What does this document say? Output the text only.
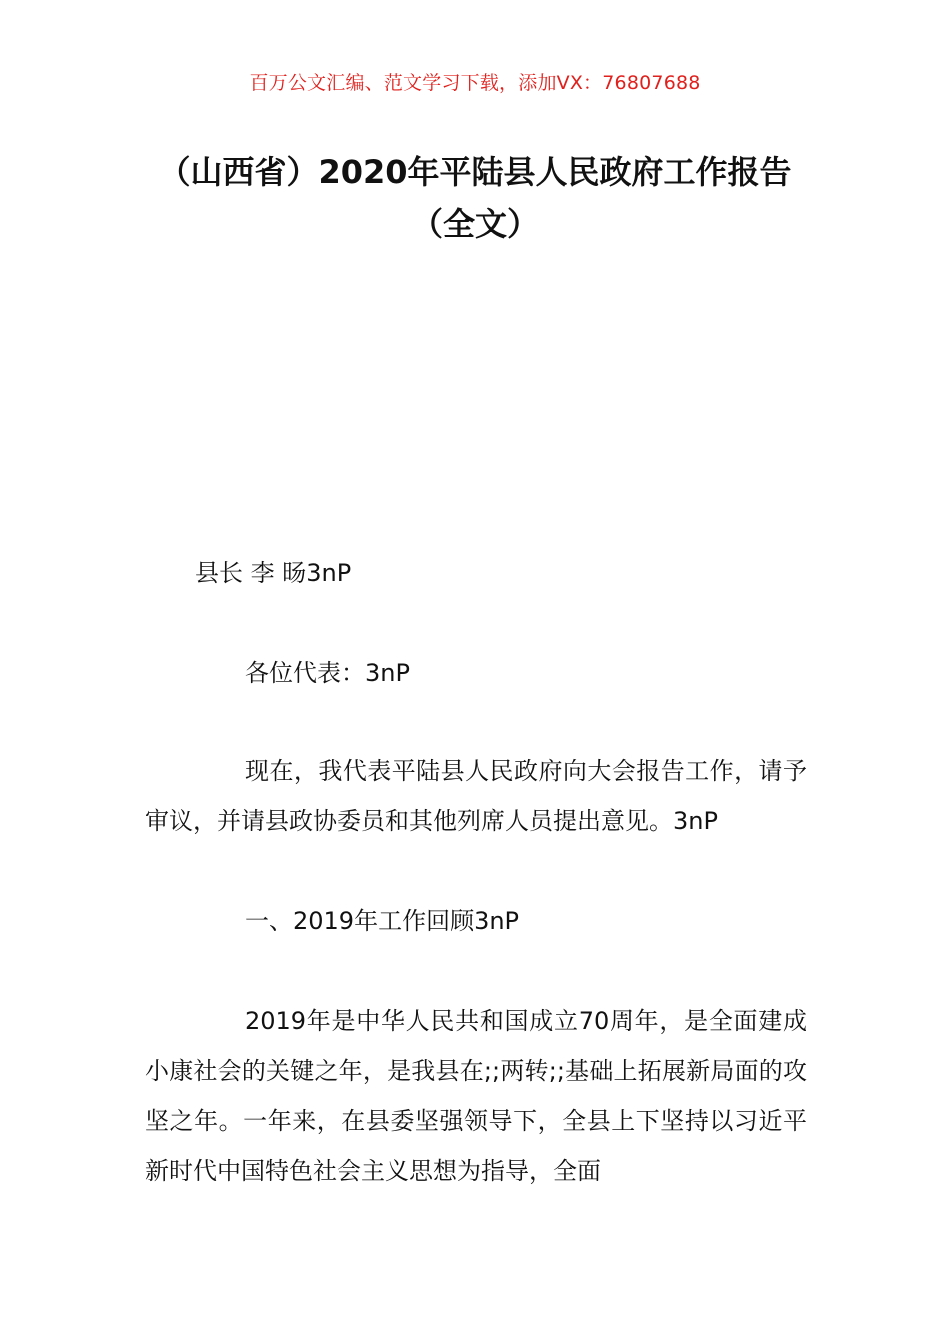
百万公文汇编、范文学习下载，添加VX：76807688
（山西省）2020年平陆县人民政府工作报告（全文）
县长 李 旸3nP
各位代表：3nP
现在，我代表平陆县人民政府向大会报告工作，请予审议，并请县政协委员和其他列席人员提出意见。3nP
一、2019年工作回顾3nP
2019年是中华人民共和国成立70周年，是全面建成小康社会的关键之年，是我县在;;两转;;基础上拓展新局面的攻坚之年。一年来，在县委坚强领导下，全县上下坚持以习近平新时代中国特色社会主义思想为指导，全面
